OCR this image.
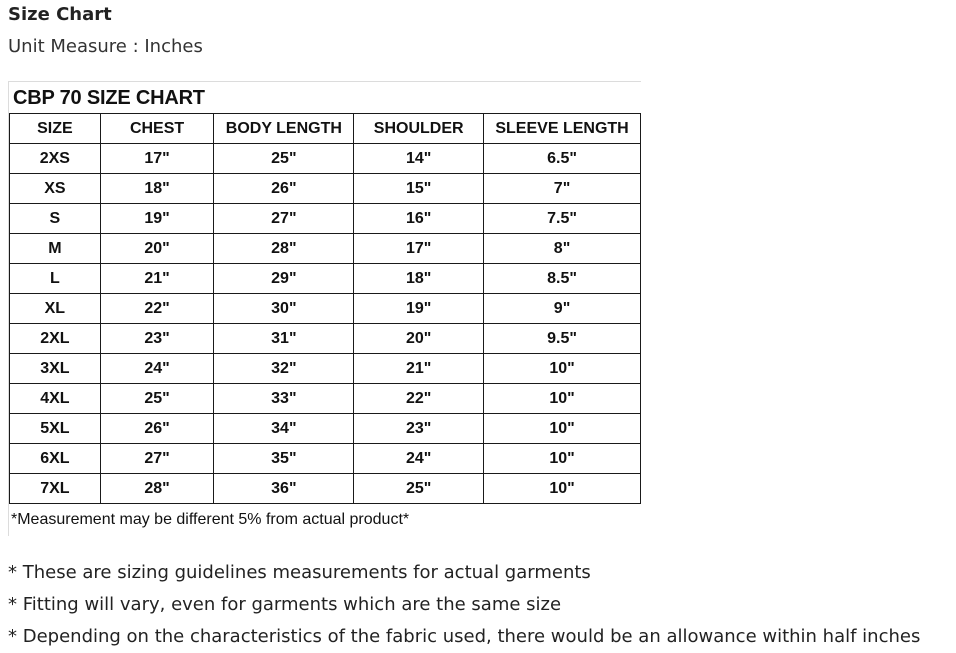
Size Chart
Unit Measure : Inches
CBP 70 SIZE CHART
SIZE	CHEST	BODY LENGTH	SHOULDER	SLEEVE LENGTH
2XS	17"	25"	14"	6.5"
XS	18"	26"	15"	7"
S	19"	27"	16"	7.5"
M	20"	28"	17"	8"
L	21"	29"	18"	8.5"
XL	22"	30"	19"	9"
2XL	23"	31"	20"	9.5"
3XL	24"	32"	21"	10"
4XL	25"	33"	22"	10"
5XL	26"	34"	23"	10"
6XL	27"	35"	24"	10"
7XL	28"	36"	25"	10"
*Measurement may be different 5% from actual product*
* These are sizing guidelines measurements for actual garments
* Fitting will vary, even for garments which are the same size
* Depending on the characteristics of the fabric used, there would be an allowance within half inches
